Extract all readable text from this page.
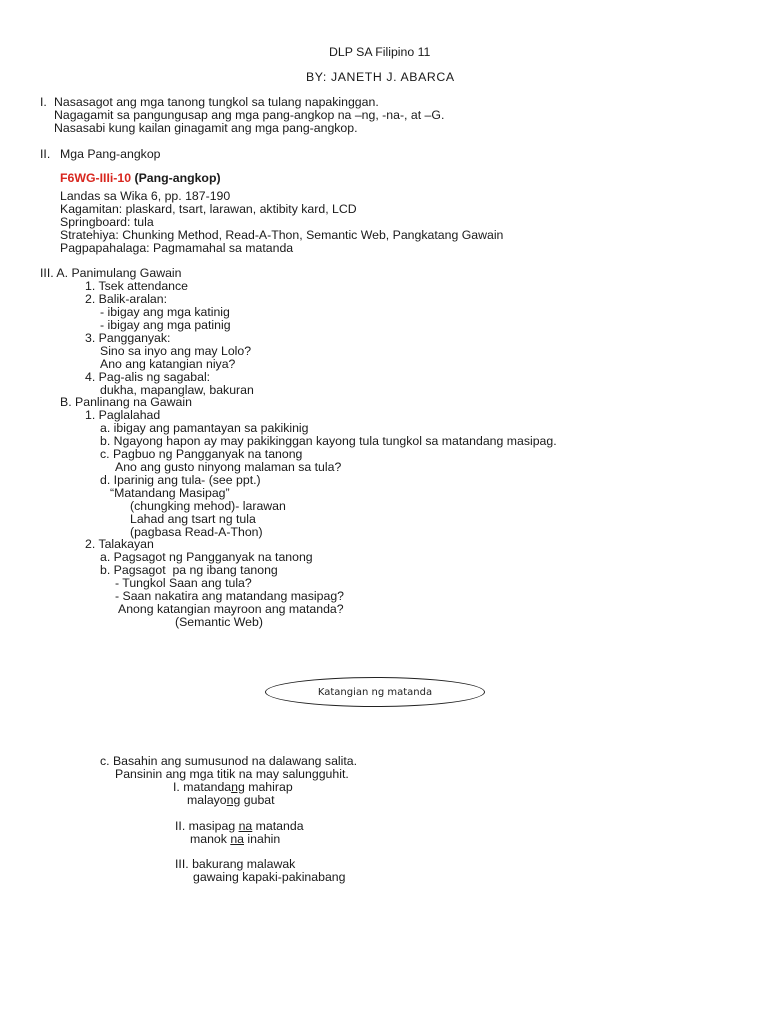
DLP SA Filipino 11
BY: JANETH J. ABARCA
I. Nasasagot ang mga tanong tungkol sa tulang napakinggan.
Nagagamit sa pangungusap ang mga pang-angkop na –ng, -na-, at –G.
Nasasabi kung kailan ginagamit ang mga pang-angkop.
II. Mga Pang-angkop
F6WG-IIIi-10 (Pang-angkop)
Landas sa Wika 6, pp. 187-190
Kagamitan: plaskard, tsart, larawan, aktibity kard, LCD
Springboard: tula
Stratehiya: Chunking Method, Read-A-Thon, Semantic Web, Pangkatang Gawain
Pagpapahalaga: Pagmamahal sa matanda
III. A. Panimulang Gawain
1. Tsek attendance
2. Balik-aralan:
- ibigay ang mga katinig
- ibigay ang mga patinig
3. Pangganyak:
Sino sa inyo ang may Lolo?
Ano ang katangian niya?
4. Pag-alis ng sagabal:
dukha, mapanglaw, bakuran
B. Panlinang na Gawain
1. Paglalahad
a. ibigay ang pamantayan sa pakikinig
b. Ngayong hapon ay may pakikinggan kayong tula tungkol sa matandang masipag.
c. Pagbuo ng Pangganyak na tanong
Ano ang gusto ninyong malaman sa tula?
d. Iparinig ang tula- (see ppt.)
“Matandang Masipag”
(chungking mehod)- larawan
Lahad ang tsart ng tula
(pagbasa Read-A-Thon)
2. Talakayan
a. Pagsagot ng Pangganyak na tanong
b. Pagsagot  pa ng ibang tanong
- Tungkol Saan ang tula?
- Saan nakatira ang matandang masipag?
Anong katangian mayroon ang matanda?
(Semantic Web)
Katangian ng matanda
c. Basahin ang sumusunod na dalawang salita.
Pansinin ang mga titik na may salungguhit.
I. matandang mahirap
malayong gubat
II. masipag na matanda
manok na inahin
III. bakurang malawak
gawaing kapaki-pakinabang
